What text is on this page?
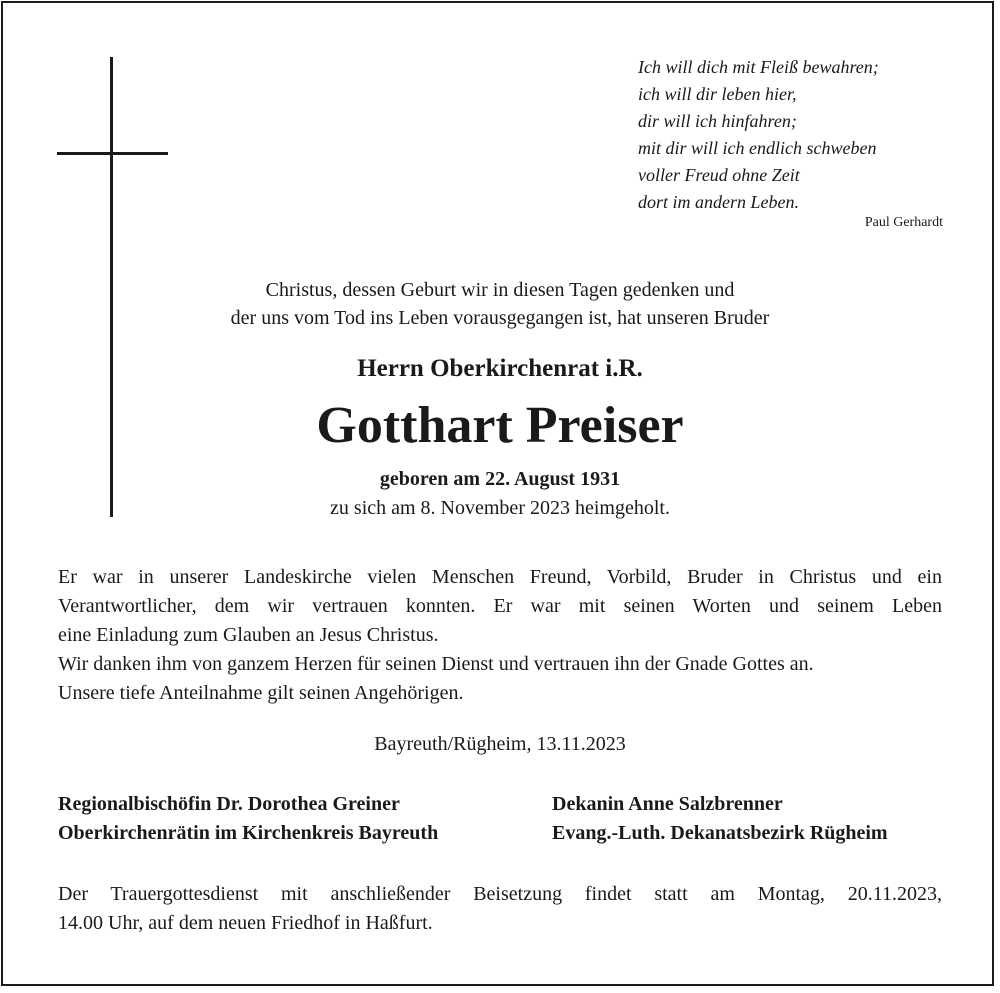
Ich will dich mit Fleiß bewahren;
ich will dir leben hier,
dir will ich hinfahren;
mit dir will ich endlich schweben
voller Freud ohne Zeit
dort im andern Leben.
Paul Gerhardt
Christus, dessen Geburt wir in diesen Tagen gedenken und
der uns vom Tod ins Leben vorausgegangen ist, hat unseren Bruder
Herrn Oberkirchenrat i.R.
Gotthart Preiser
geboren am 22. August 1931
zu sich am 8. November 2023 heimgeholt.

Er war in unserer Landeskirche vielen Menschen Freund, Vorbild, Bruder in Christus und ein

Verantwortlicher, dem wir vertrauen konnten. Er war mit seinen Worten und seinem Leben

eine Einladung zum Glauben an Jesus Christus.

Wir danken ihm von ganzem Herzen für seinen Dienst und vertrauen ihn der Gnade Gottes an.

Unsere tiefe Anteilnahme gilt seinen Angehörigen.

Bayreuth/Rügheim, 13.11.2023
Regionalbischöfin Dr. Dorothea Greiner
Oberkirchenrätin im Kirchenkreis Bayreuth
Dekanin Anne Salzbrenner
Evang.-Luth. Dekanatsbezirk Rügheim
Der Trauergottesdienst mit anschließender Beisetzung findet statt am Montag, 20.11.2023,
14.00 Uhr, auf dem neuen Friedhof in Haßfurt.
